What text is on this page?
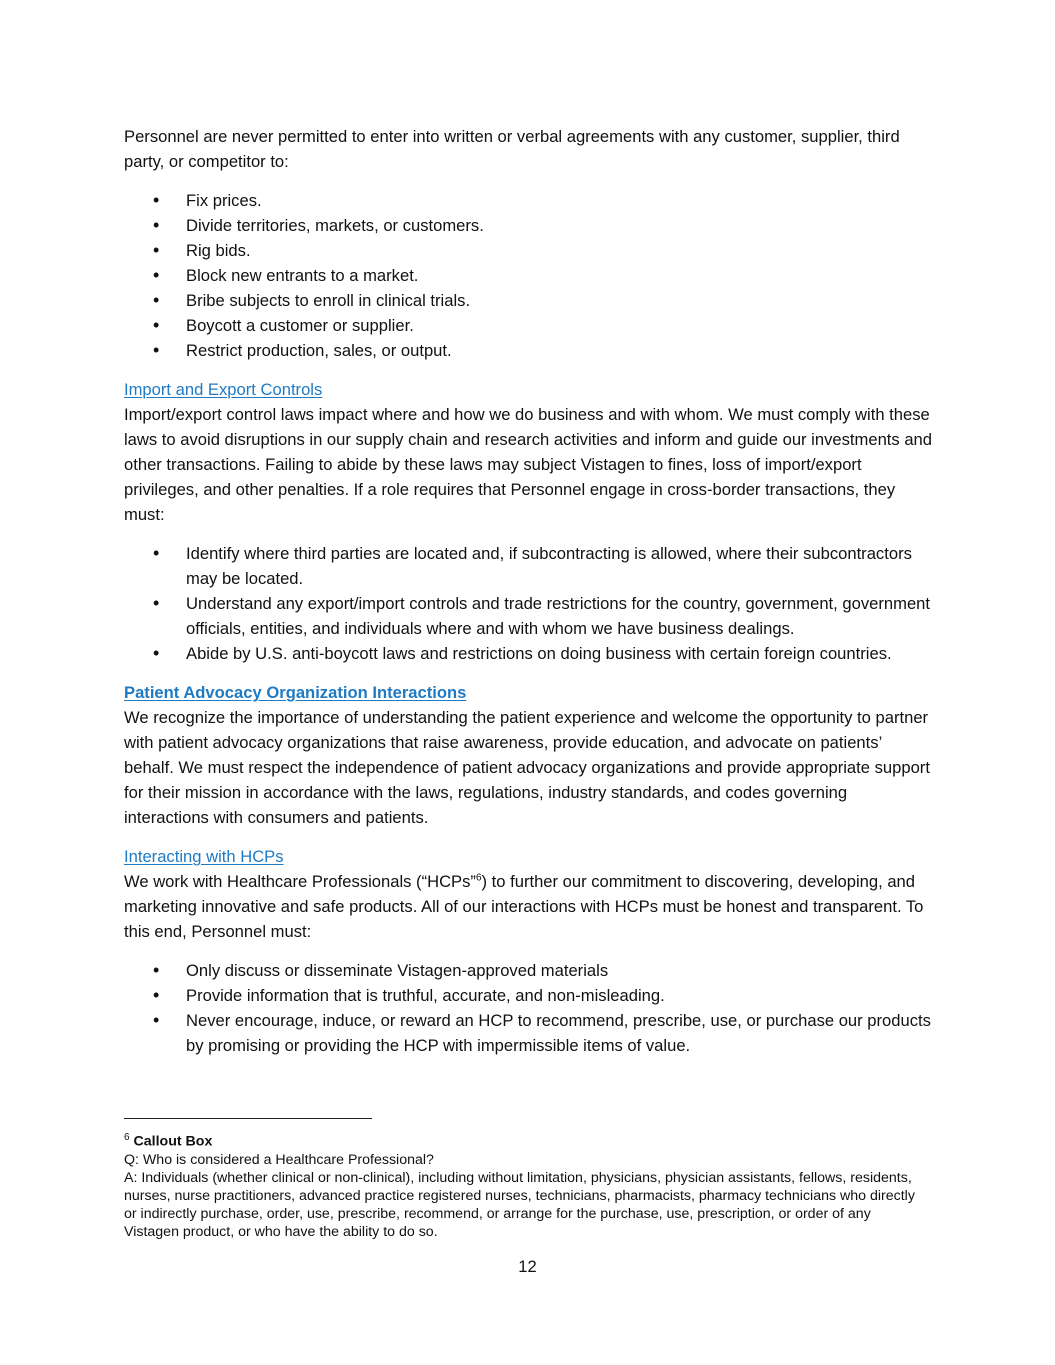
Personnel are never permitted to enter into written or verbal agreements with any customer, supplier, third party, or competitor to:

• Fix prices.
• Divide territories, markets, or customers.
• Rig bids.
• Block new entrants to a market.
• Bribe subjects to enroll in clinical trials.
• Boycott a customer or supplier.
• Restrict production, sales, or output.
Import and Export Controls

Import/export control laws impact where and how we do business and with whom. We must comply with these laws to avoid disruptions in our supply chain and research activities and inform and guide our investments and other transactions. Failing to abide by these laws may subject Vistagen to fines, loss of import/export privileges, and other penalties. If a role requires that Personnel engage in cross-border transactions, they must:

• Identify where third parties are located and, if subcontracting is allowed, where their subcontractors may be located.
• Understand any export/import controls and trade restrictions for the country, government, government officials, entities, and individuals where and with whom we have business dealings.
• Abide by U.S. anti-boycott laws and restrictions on doing business with certain foreign countries.
Patient Advocacy Organization Interactions

We recognize the importance of understanding the patient experience and welcome the opportunity to partner with patient advocacy organizations that raise awareness, provide education, and advocate on patients’ behalf. We must respect the independence of patient advocacy organizations and provide appropriate support for their mission in accordance with the laws, regulations, industry standards, and codes governing interactions with consumers and patients.

Interacting with HCPs

We work with Healthcare Professionals (“HCPs”$^6$) to further our commitment to discovering, developing, and marketing innovative and safe products. All of our interactions with HCPs must be honest and transparent. To this end, Personnel must:

• Only discuss or disseminate Vistagen-approved materials
• Provide information that is truthful, accurate, and non-misleading.
• Never encourage, induce, or reward an HCP to recommend, prescribe, use, or purchase our products by promising or providing the HCP with impermissible items of value.
$^6$ Callout Box
Q: Who is considered a Healthcare Professional?
A: Individuals (whether clinical or non-clinical), including without limitation, physicians, physician assistants, fellows, residents, nurses, nurse practitioners, advanced practice registered nurses, technicians, pharmacists, pharmacy technicians who directly or indirectly purchase, order, use, prescribe, recommend, or arrange for the purchase, use, prescription, or order of any Vistagen product, or who have the ability to do so.
12
